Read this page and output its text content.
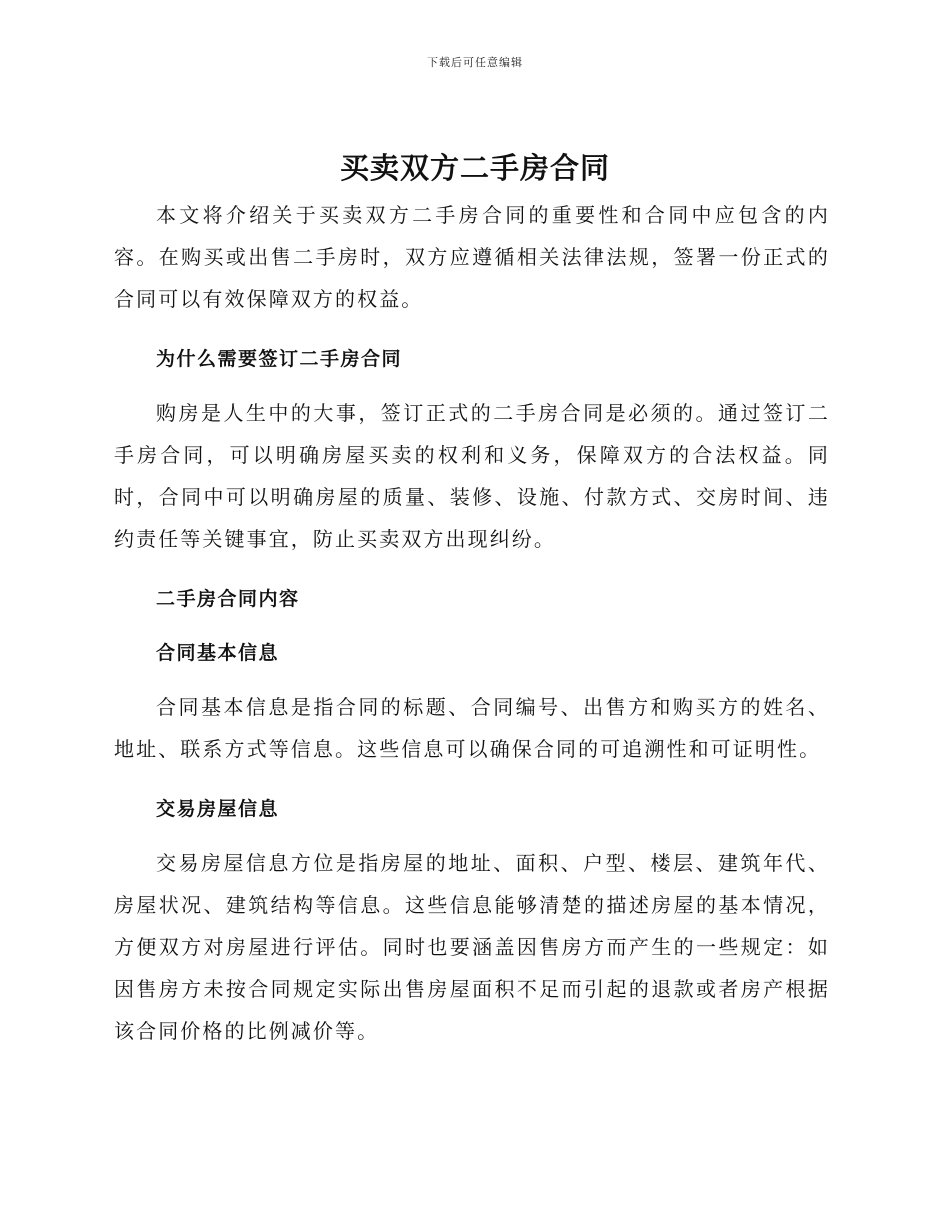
下载后可任意编辑
买卖双方二手房合同

本文将介绍关于买卖双方二手房合同的重要性和合同中应包含的内容。在购买或出售二手房时，双方应遵循相关法律法规，签署一份正式的合同可以有效保障双方的权益。

为什么需要签订二手房合同

购房是人生中的大事，签订正式的二手房合同是必须的。通过签订二手房合同，可以明确房屋买卖的权利和义务，保障双方的合法权益。同时，合同中可以明确房屋的质量、装修、设施、付款方式、交房时间、违约责任等关键事宜，防止买卖双方出现纠纷。

二手房合同内容

合同基本信息

合同基本信息是指合同的标题、合同编号、出售方和购买方的姓名、地址、联系方式等信息。这些信息可以确保合同的可追溯性和可证明性。

交易房屋信息

交易房屋信息方位是指房屋的地址、面积、户型、楼层、建筑年代、房屋状况、建筑结构等信息。这些信息能够清楚的描述房屋的基本情况，方便双方对房屋进行评估。同时也要涵盖因售房方而产生的一些规定：如因售房方未按合同规定实际出售房屋面积不足而引起的退款或者房产根据该合同价格的比例减价等。
